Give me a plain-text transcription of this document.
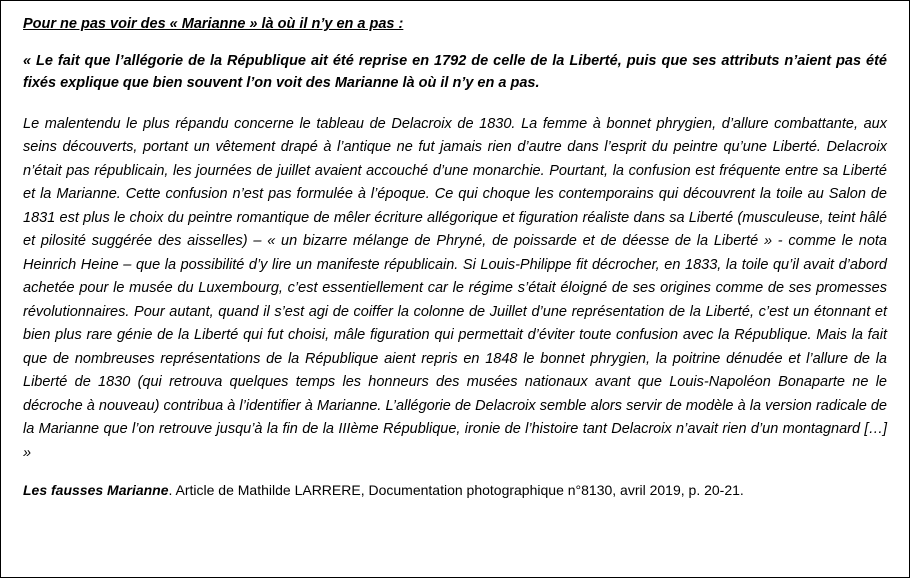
Pour ne pas voir des « Marianne » là où il n’y en a pas :

« Le fait que l’allégorie de la République ait été reprise en 1792 de celle de la Liberté, puis que ses attributs n’aient pas été fixés explique que bien souvent l’on voit des Marianne là où il n’y en a pas.

Le malentendu le plus répandu concerne le tableau de Delacroix de 1830. La femme à bonnet phrygien, d’allure combattante, aux seins découverts, portant un vêtement drapé à l’antique ne fut jamais rien d’autre dans l’esprit du peintre qu’une Liberté. Delacroix n’était pas républicain, les journées de juillet avaient accouché d’une monarchie. Pourtant, la confusion est fréquente entre sa Liberté et la Marianne. Cette confusion n’est pas formulée à l’époque. Ce qui choque les contemporains qui découvrent la toile au Salon de 1831 est plus le choix du peintre romantique de mêler écriture allégorique et figuration réaliste dans sa Liberté (musculeuse, teint hâlé et pilosité suggérée des aisselles) – « un bizarre mélange de Phryné, de poissarde et de déesse de la Liberté » - comme le nota Heinrich Heine – que la possibilité d’y lire un manifeste républicain. Si Louis-Philippe fit décrocher, en 1833, la toile qu’il avait d’abord achetée pour le musée du Luxembourg, c’est essentiellement car le régime s’était éloigné de ses origines comme de ses promesses révolutionnaires. Pour autant, quand il s’est agi de coiffer la colonne de Juillet d’une représentation de la Liberté, c’est un étonnant et bien plus rare génie de la Liberté qui fut choisi, mâle figuration qui permettait d’éviter toute confusion avec la République. Mais la fait que de nombreuses représentations de la République aient repris en 1848 le bonnet phrygien, la poitrine dénudée et l’allure de la Liberté de 1830 (qui retrouva quelques temps les honneurs des musées nationaux avant que Louis-Napoléon Bonaparte ne le décroche à nouveau) contribua à l’identifier à Marianne. L’allégorie de Delacroix semble alors servir de modèle à la version radicale de la Marianne que l’on retrouve jusqu’à la fin de la IIIème République, ironie de l’histoire tant Delacroix n’avait rien d’un montagnard […] »

Les fausses Marianne. Article de Mathilde LARRERE, Documentation photographique n°8130, avril 2019, p. 20-21.
